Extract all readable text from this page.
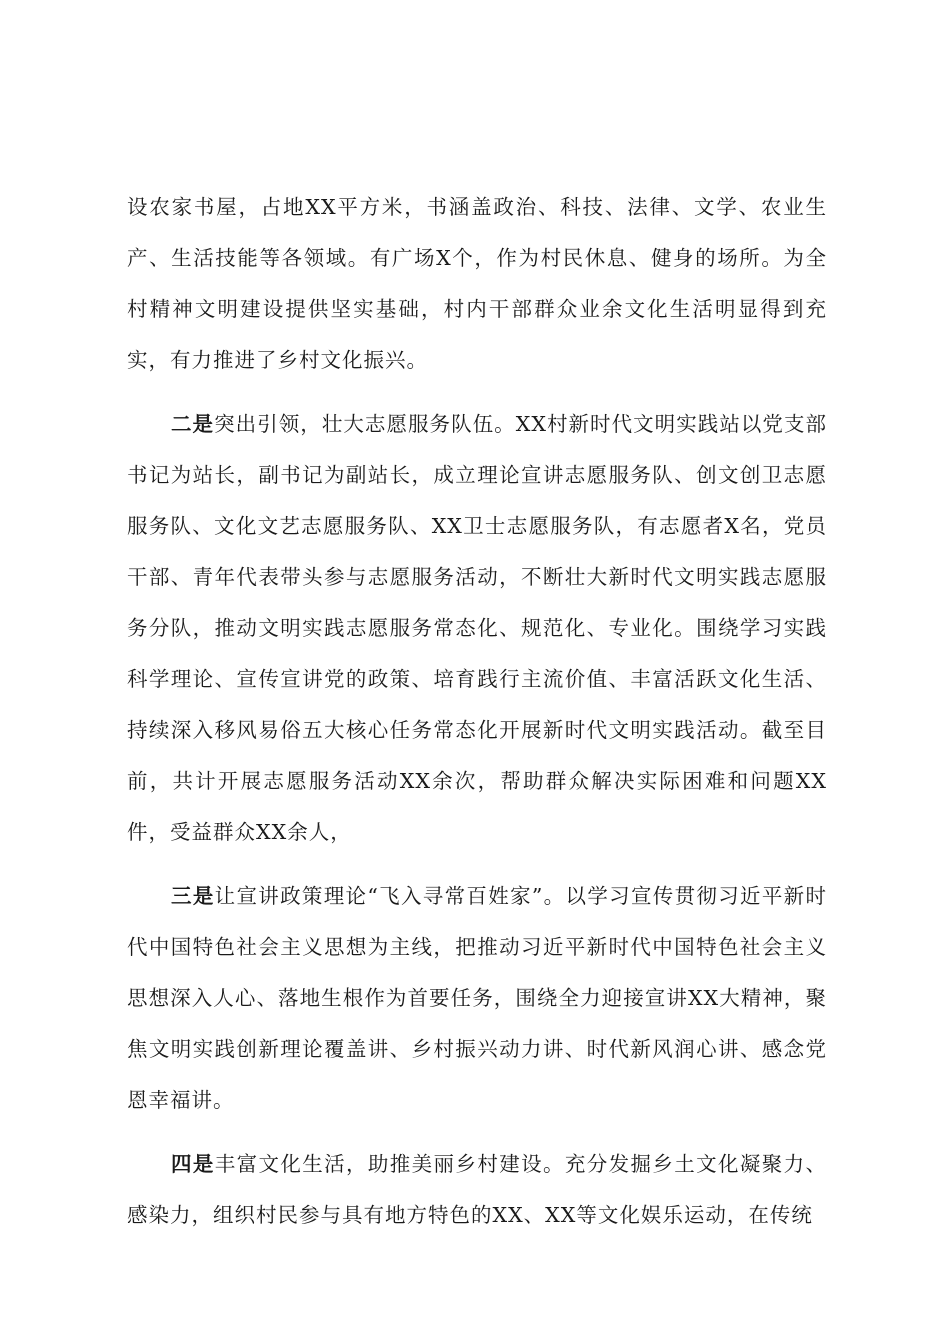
设农家书屋，占地XX平方米，书涵盖政治、科技、法律、文学、农业生产、生活技能等各领域。有广场X个，作为村民休息、健身的场所。为全村精神文明建设提供坚实基础，村内干部群众业余文化生活明显得到充实，有力推进了乡村文化振兴。

二是突出引领，壮大志愿服务队伍。XX村新时代文明实践站以党支部书记为站长，副书记为副站长，成立理论宣讲志愿服务队、创文创卫志愿服务队、文化文艺志愿服务队、XX卫士志愿服务队，有志愿者X名，党员干部、青年代表带头参与志愿服务活动，不断壮大新时代文明实践志愿服务分队，推动文明实践志愿服务常态化、规范化、专业化。围绕学习实践科学理论、宣传宣讲党的政策、培育践行主流价值、丰富活跃文化生活、持续深入移风易俗五大核心任务常态化开展新时代文明实践活动。截至目前，共计开展志愿服务活动XX余次，帮助群众解决实际困难和问题XX件，受益群众XX余人，

三是让宣讲政策理论“飞入寻常百姓家”。以学习宣传贯彻习近平新时代中国特色社会主义思想为主线，把推动习近平新时代中国特色社会主义思想深入人心、落地生根作为首要任务，围绕全力迎接宣讲XX大精神，聚焦文明实践创新理论覆盖讲、乡村振兴动力讲、时代新风润心讲、感念党恩幸福讲。

四是丰富文化生活，助推美丽乡村建设。充分发掘乡土文化凝聚力、感染力，组织村民参与具有地方特色的XX、XX等文化娱乐运动，在传统
